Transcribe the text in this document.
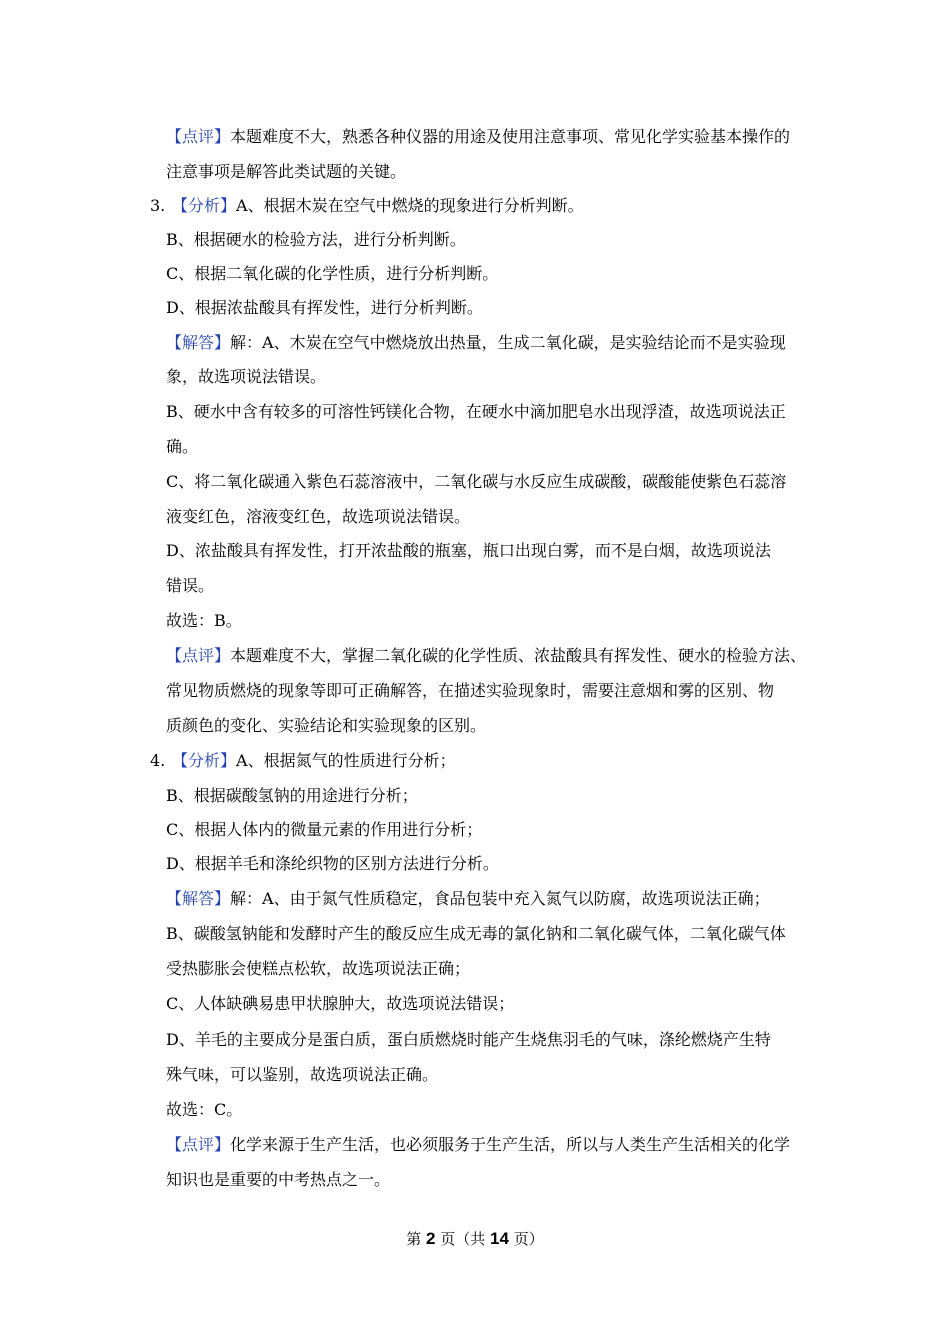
【点评】本题难度不大，熟悉各种仪器的用途及使用注意事项、常见化学实验基本操作的
注意事项是解答此类试题的关键。
3. 【分析】A、根据木炭在空气中燃烧的现象进行分析判断。
B、根据硬水的检验方法，进行分析判断。
C、根据二氧化碳的化学性质，进行分析判断。
D、根据浓盐酸具有挥发性，进行分析判断。
【解答】解：A、木炭在空气中燃烧放出热量，生成二氧化碳，是实验结论而不是实验现
象，故选项说法错误。
B、硬水中含有较多的可溶性钙镁化合物，在硬水中滴加肥皂水出现浮渣，故选项说法正
确。
C、将二氧化碳通入紫色石蕊溶液中，二氧化碳与水反应生成碳酸，碳酸能使紫色石蕊溶
液变红色，溶液变红色，故选项说法错误。
D、浓盐酸具有挥发性，打开浓盐酸的瓶塞，瓶口出现白雾，而不是白烟，故选项说法
错误。
故选：B。
【点评】本题难度不大，掌握二氧化碳的化学性质、浓盐酸具有挥发性、硬水的检验方法、
常见物质燃烧的现象等即可正确解答，在描述实验现象时，需要注意烟和雾的区别、物
质颜色的变化、实验结论和实验现象的区别。
4. 【分析】A、根据氮气的性质进行分析；
B、根据碳酸氢钠的用途进行分析；
C、根据人体内的微量元素的作用进行分析；
D、根据羊毛和涤纶织物的区别方法进行分析。
【解答】解：A、由于氮气性质稳定，食品包装中充入氮气以防腐，故选项说法正确；
B、碳酸氢钠能和发酵时产生的酸反应生成无毒的氯化钠和二氧化碳气体，二氧化碳气体
受热膨胀会使糕点松软，故选项说法正确；
C、人体缺碘易患甲状腺肿大，故选项说法错误；
D、羊毛的主要成分是蛋白质，蛋白质燃烧时能产生烧焦羽毛的气味，涤纶燃烧产生特
殊气味，可以鉴别，故选项说法正确。
故选：C。
【点评】化学来源于生产生活，也必须服务于生产生活，所以与人类生产生活相关的化学
知识也是重要的中考热点之一。
第 2 页（共 14 页）
